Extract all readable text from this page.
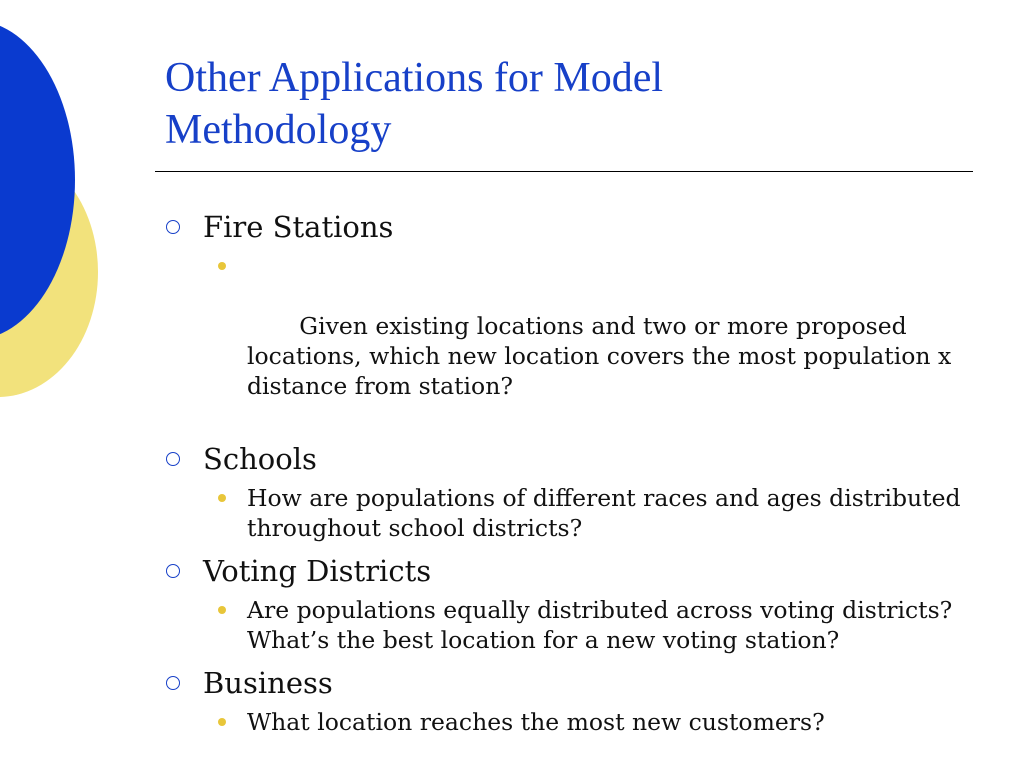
Other Applications for Model
Methodology
Fire Stations

Given existing locations and two or more proposed locations, which new location covers the most population x distance from station?

Schools
How are populations of different races and ages distributed throughout school districts?
Voting Districts
Are populations equally distributed across voting districts? What’s the best location for a new voting station?
Business
What location reaches the most new customers?
